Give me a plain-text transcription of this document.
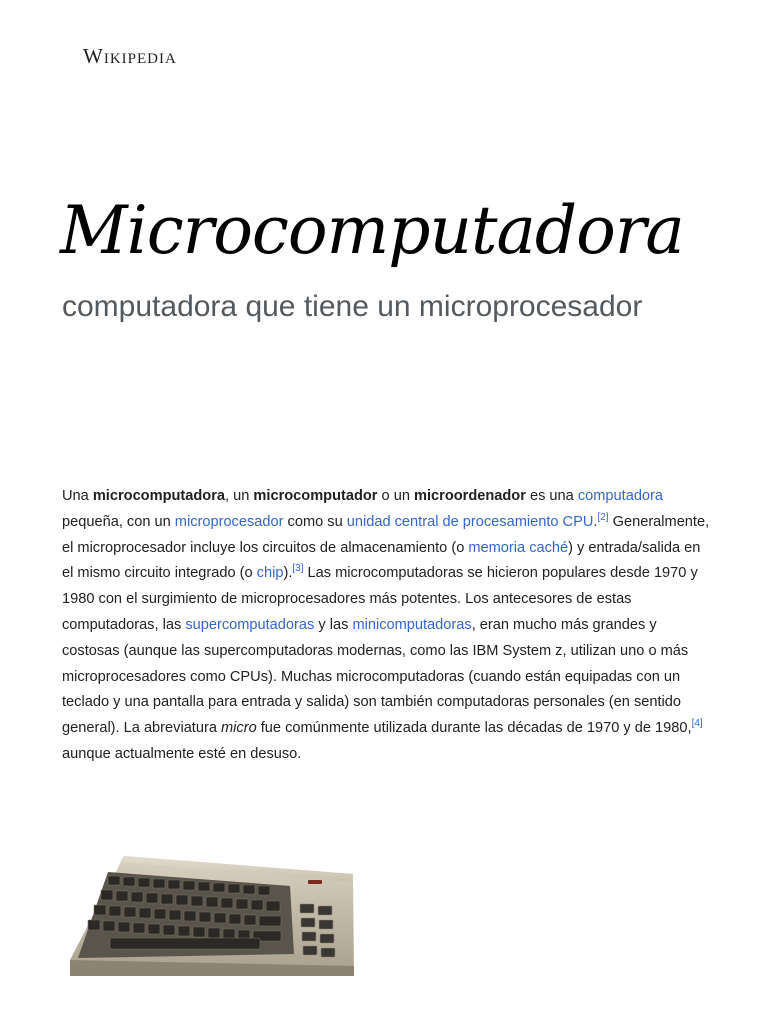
Wikipedia
Microcomputadora
computadora que tiene un microprocesador

Una microcomputadora, un microcomputador o un microordenador es una computadora pequeña, con un microprocesador como su unidad central de procesamiento CPU.[2] Generalmente, el microprocesador incluye los circuitos de almacenamiento (o memoria caché) y entrada/salida en el mismo circuito integrado (o chip).[3] Las microcomputadoras se hicieron populares desde 1970 y 1980 con el surgimiento de microprocesadores más potentes. Los antecesores de estas computadoras, las supercomputadoras y las minicomputadoras, eran mucho más grandes y costosas (aunque las supercomputadoras modernas, como las IBM System z, utilizan uno o más microprocesadores como CPUs). Muchas microcomputadoras (cuando están equipadas con un teclado y una pantalla para entrada y salida) son también computadoras personales (en sentido general). La abreviatura micro fue comúnmente utilizada durante las décadas de 1970 y de 1980,[4] aunque actualmente esté en desuso.
